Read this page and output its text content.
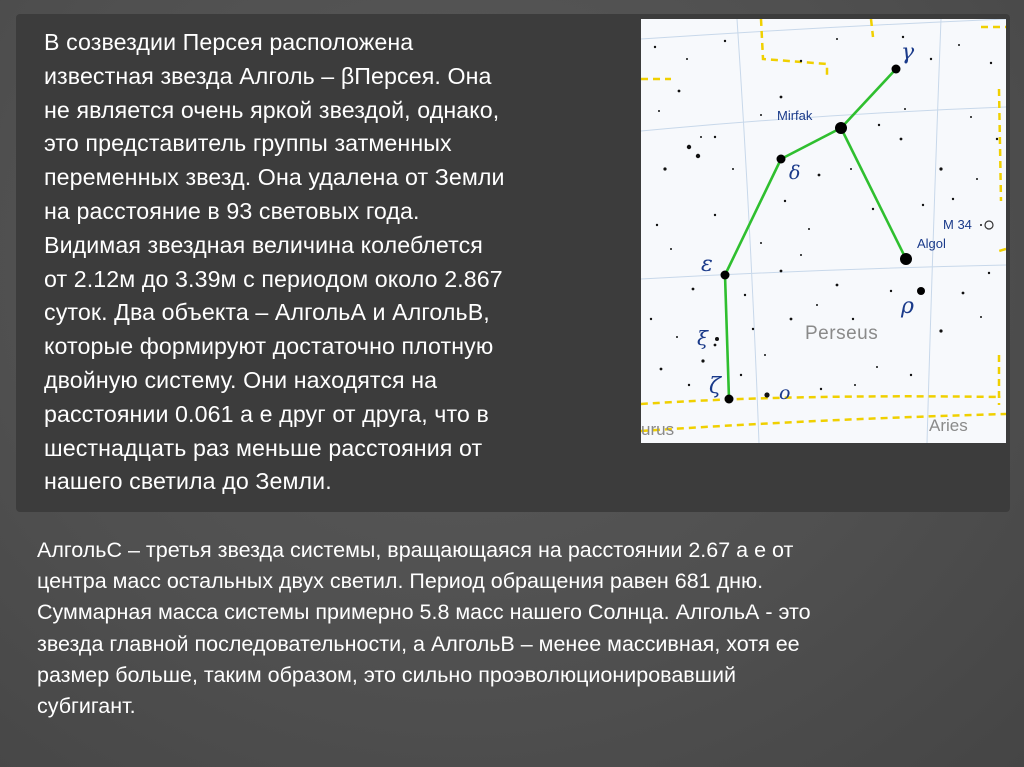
В созвездии Персея расположена
известная звезда Алголь – βПерсея. Она
не является очень яркой звездой, однако,
это представитель группы затменных
переменных звезд. Она удалена от Земли
на расстояние в 93 световых года.
Видимая звездная величина колеблется
от 2.12м до 3.39м с периодом около 2.867
суток. Два объекта – АлгольА и АлгольВ,
которые формируют достаточно плотную
двойную систему. Они находятся на
расстоянии 0.061 а е друг от друга, что в
шестнадцать раз меньше расстояния от
нашего светила до Земли.
γ
Mirfak
δ
M 34
Algol
ε
ρ
ξ
ζ	ο
Perseus
urus	Aries
АлгольС – третья звезда системы, вращающаяся на расстоянии 2.67 а е от
центра масс остальных двух светил. Период обращения равен 681 дню.
Суммарная масса системы примерно 5.8 масс нашего Солнца. АлгольА - это
звезда главной последовательности, а АлгольВ – менее массивная, хотя ее
размер больше, таким образом, это сильно проэволюционировавший
субгигант.
